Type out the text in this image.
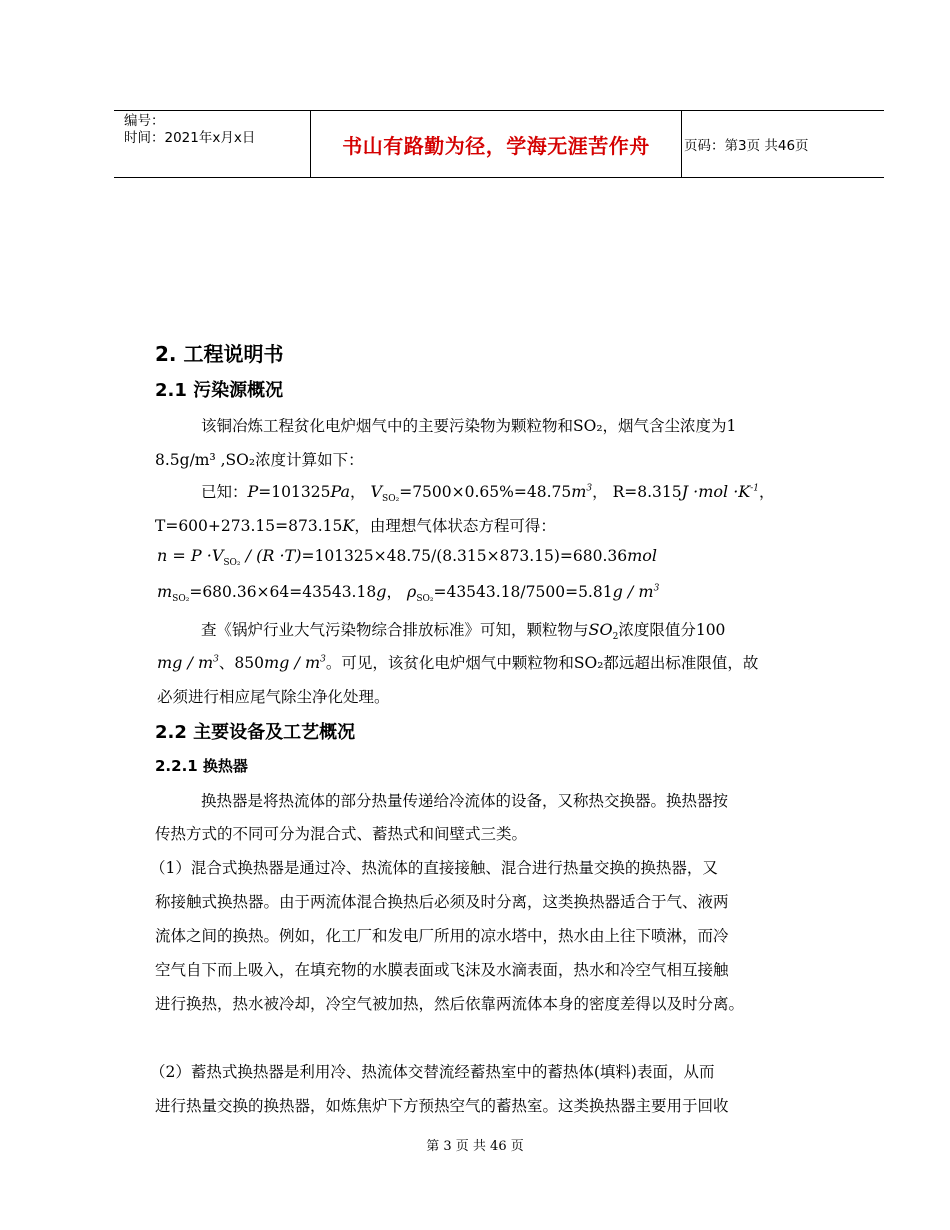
编号：
时间：2021年x月x日	书山有路勤为径，学海无涯苦作舟	页码：第3页 共46页
2. 工程说明书
2.1 污染源概况
该铜冶炼工程贫化电炉烟气中的主要污染物为颗粒物和SO₂，烟气含尘浓度为1
8.5g/m³ ,SO₂浓度计算如下：
已知：P=101325Pa， $V_{SO_2}=7500\times 0.65\%=48.75m^3$， $R=8.315J \cdot mol \cdot K^{-1}$，
T=600+273.15=873.15K，由理想气体状态方程可得：
$n = P \cdot V_{SO_2} / (R \cdot T)=101325\times 48.75/(8.315\times 873.15)=680.36mol$
$m_{SO_2}=680.36\times 64=43543.18g$， $\rho_{SO_2}=43543.18/7500=5.81g / m^3$
查《锅炉行业大气污染物综合排放标准》可知，颗粒物与$SO_2$浓度限值分100
mg / $m^3$、$850mg / m^3$。可见，该贫化电炉烟气中颗粒物和SO₂都远超出标准限值，故
必须进行相应尾气除尘净化处理。
2.2 主要设备及工艺概况
2.2.1 换热器
换热器是将热流体的部分热量传递给冷流体的设备，又称热交换器。换热器按
传热方式的不同可分为混合式、蓄热式和间壁式三类。
（1）混合式换热器是通过冷、热流体的直接接触、混合进行热量交换的换热器，又
称接触式换热器。由于两流体混合换热后必须及时分离，这类换热器适合于气、液两
流体之间的换热。例如，化工厂和发电厂所用的凉水塔中，热水由上往下喷淋，而冷
空气自下而上吸入，在填充物的水膜表面或飞沫及水滴表面，热水和冷空气相互接触
进行换热，热水被冷却，冷空气被加热，然后依靠两流体本身的密度差得以及时分离。
（2）蓄热式换热器是利用冷、热流体交替流经蓄热室中的蓄热体(填料)表面，从而
进行热量交换的换热器，如炼焦炉下方预热空气的蓄热室。这类换热器主要用于回收
第 3 页 共 46 页
